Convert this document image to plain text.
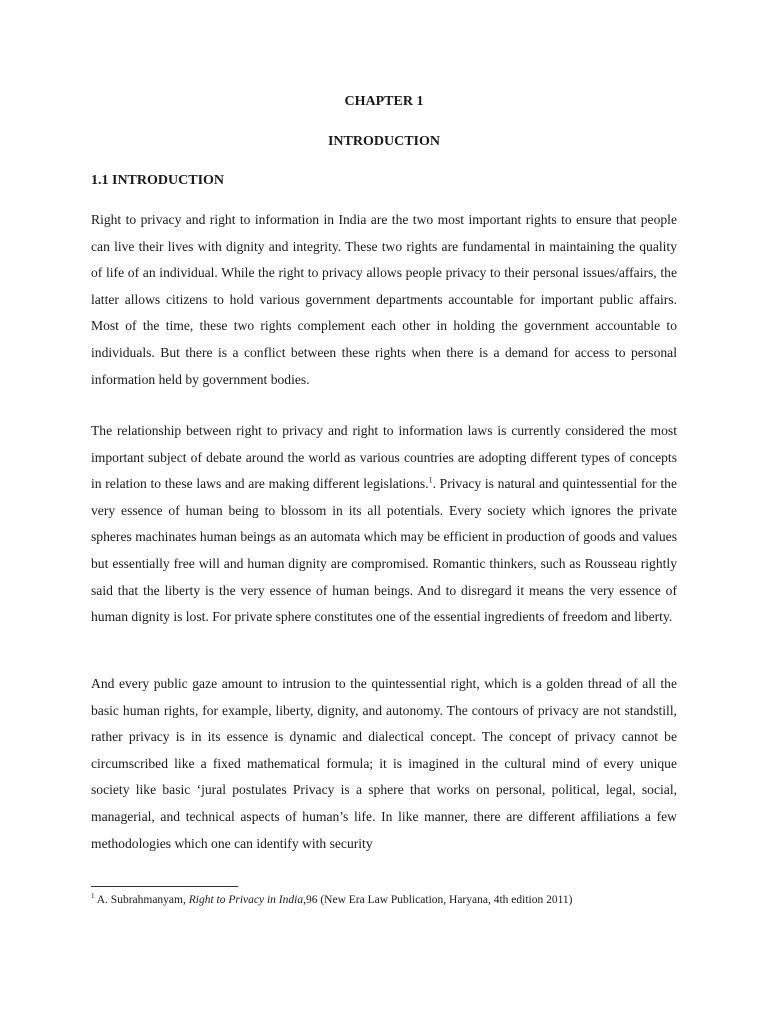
CHAPTER 1
INTRODUCTION
1.1 INTRODUCTION

Right to privacy and right to information in India are the two most important rights to ensure that people can live their lives with dignity and integrity. These two rights are fundamental in maintaining the quality of life of an individual. While the right to privacy allows people privacy to their personal issues/affairs, the latter allows citizens to hold various government departments accountable for important public affairs. Most of the time, these two rights complement each other in holding the government accountable to individuals. But there is a conflict between these rights when there is a demand for access to personal information held by government bodies.

The relationship between right to privacy and right to information laws is currently considered the most important subject of debate around the world as various countries are adopting different types of concepts in relation to these laws and are making different legislations.$^1$. Privacy is natural and quintessential for the very essence of human being to blossom in its all potentials. Every society which ignores the private spheres machinates human beings as an automata which may be efficient in production of goods and values but essentially free will and human dignity are compromised. Romantic thinkers, such as Rousseau rightly said that the liberty is the very essence of human beings. And to disregard it means the very essence of human dignity is lost. For private sphere constitutes one of the essential ingredients of freedom and liberty.

And every public gaze amount to intrusion to the quintessential right, which is a golden thread of all the basic human rights, for example, liberty, dignity, and autonomy. The contours of privacy are not standstill, rather privacy is in its essence is dynamic and dialectical concept. The concept of privacy cannot be circumscribed like a fixed mathematical formula; it is imagined in the cultural mind of every unique society like basic ‘jural postulates Privacy is a sphere that works on personal, political, legal, social, managerial, and technical aspects of human’s life. In like manner, there are different affiliations a few methodologies which one can identify with security

$^1$ A. Subrahmanyam, Right to Privacy in India,96 (New Era Law Publication, Haryana, 4th edition 2011)
